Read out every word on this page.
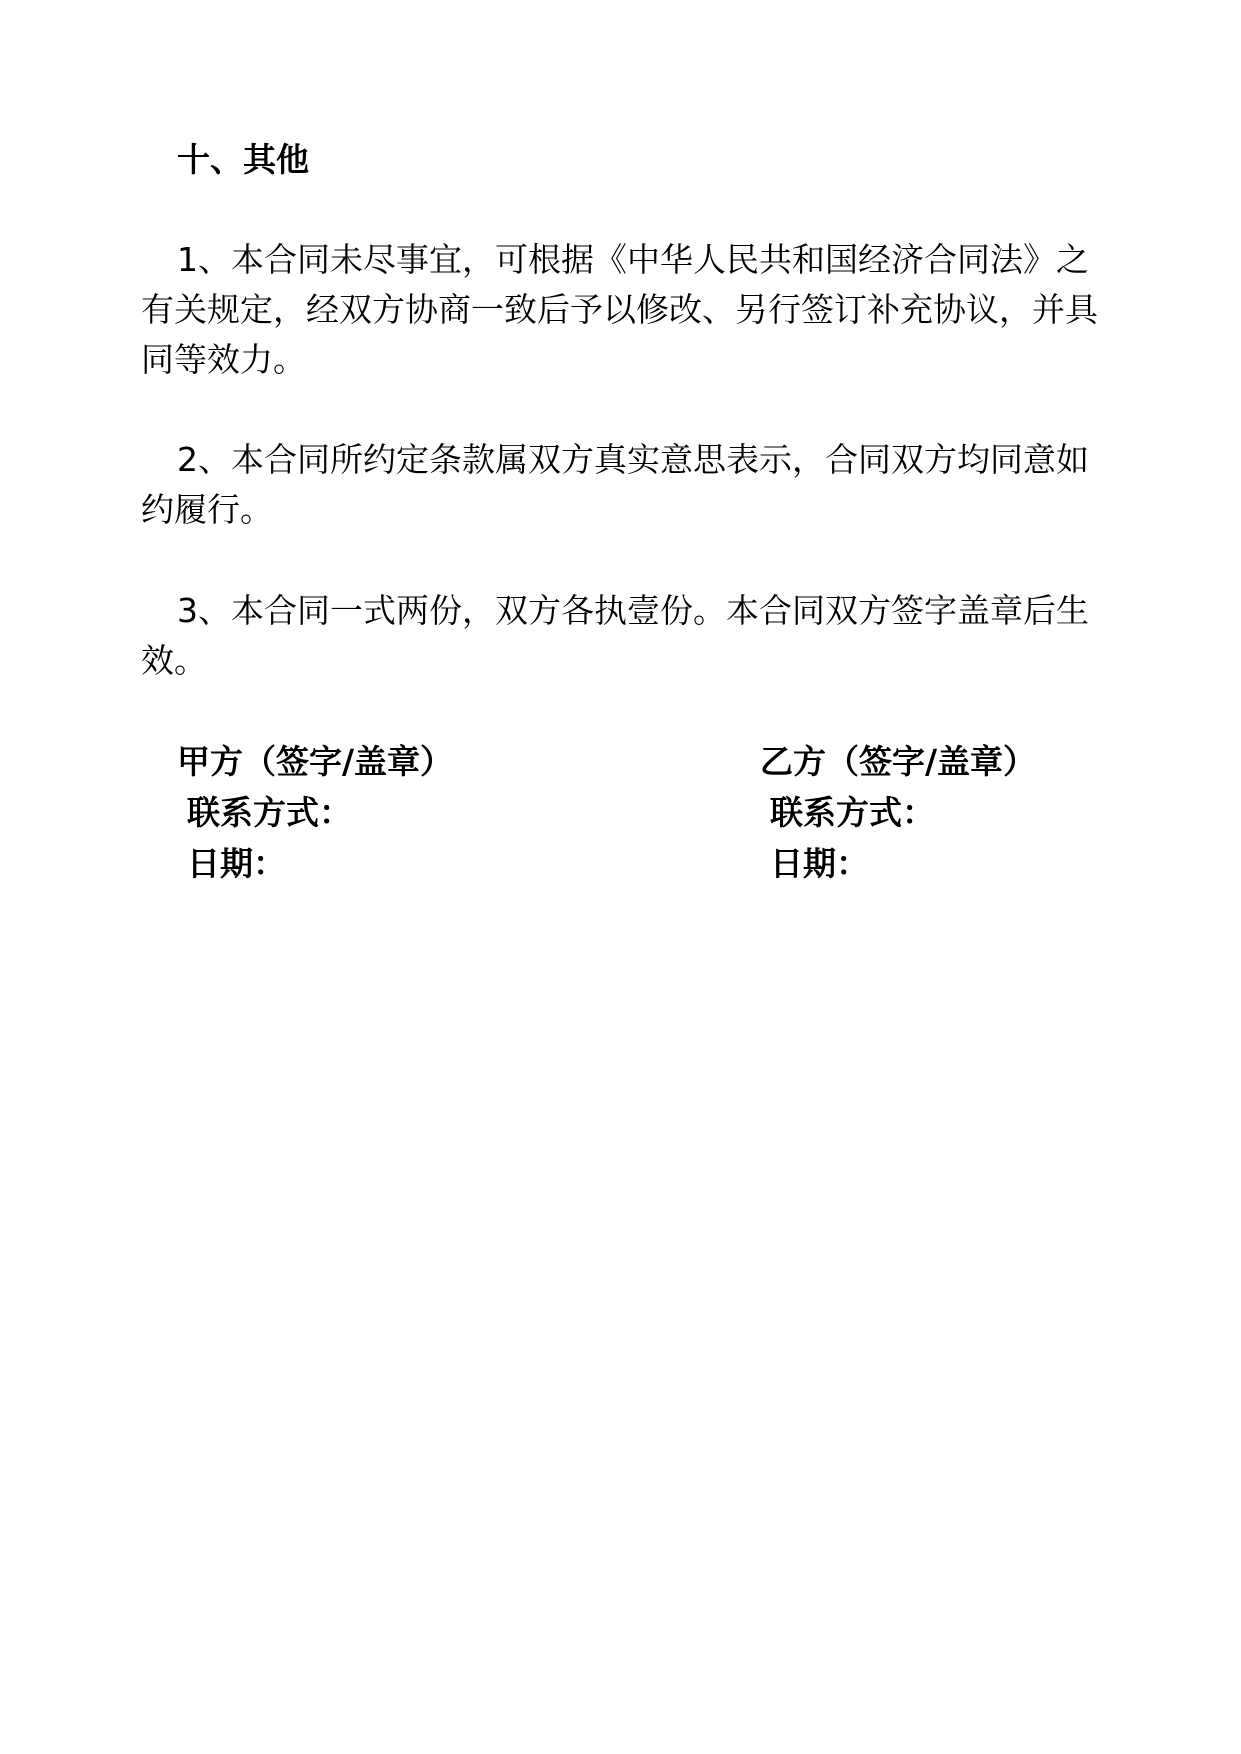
十、其他

1、本合同未尽事宜，可根据《中华人民共和国经济合同法》之有关规定，经双方协商一致后予以修改、另行签订补充协议，并具同等效力。

2、本合同所约定条款属双方真实意思表示，合同双方均同意如约履行。

3、本合同一式两份，双方各执壹份。本合同双方签字盖章后生效。

甲方（签字/盖章）
联系方式：
日期：
乙方（签字/盖章）
联系方式：
日期：
